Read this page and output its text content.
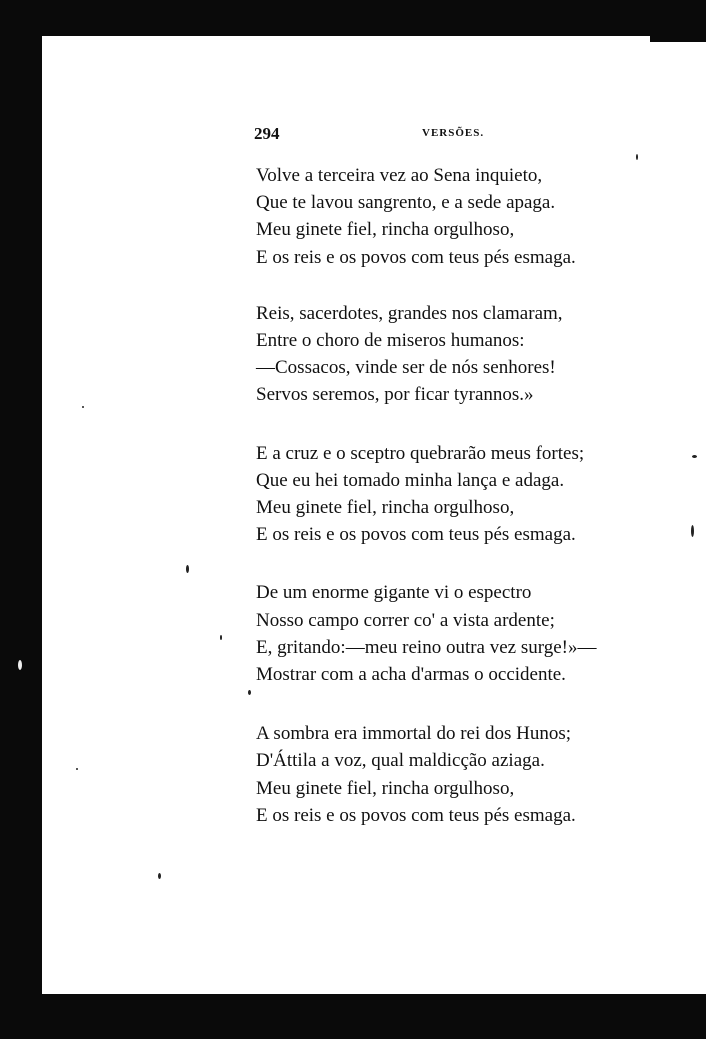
294	VERSÕES.

Volve a terceira vez ao Sena inquieto,
Que te lavou sangrento, e a sede apaga.
Meu ginete fiel, rincha orgulhoso,
E os reis e os povos com teus pés esmaga.

Reis, sacerdotes, grandes nos clamaram,
Entre o choro de miseros humanos:
—Cossacos, vinde ser de nós senhores!
Servos seremos, por ficar tyrannos.»

E a cruz e o sceptro quebrarão meus fortes;
Que eu hei tomado minha lança e adaga.
Meu ginete fiel, rincha orgulhoso,
E os reis e os povos com teus pés esmaga.

De um enorme gigante vi o espectro
Nosso campo correr co' a vista ardente;
E, gritando:—meu reino outra vez surge!»—
Mostrar com a acha d'armas o occidente.

A sombra era immortal do rei dos Hunos;
D'Áttila a voz, qual maldicção aziaga.
Meu ginete fiel, rincha orgulhoso,
E os reis e os povos com teus pés esmaga.
